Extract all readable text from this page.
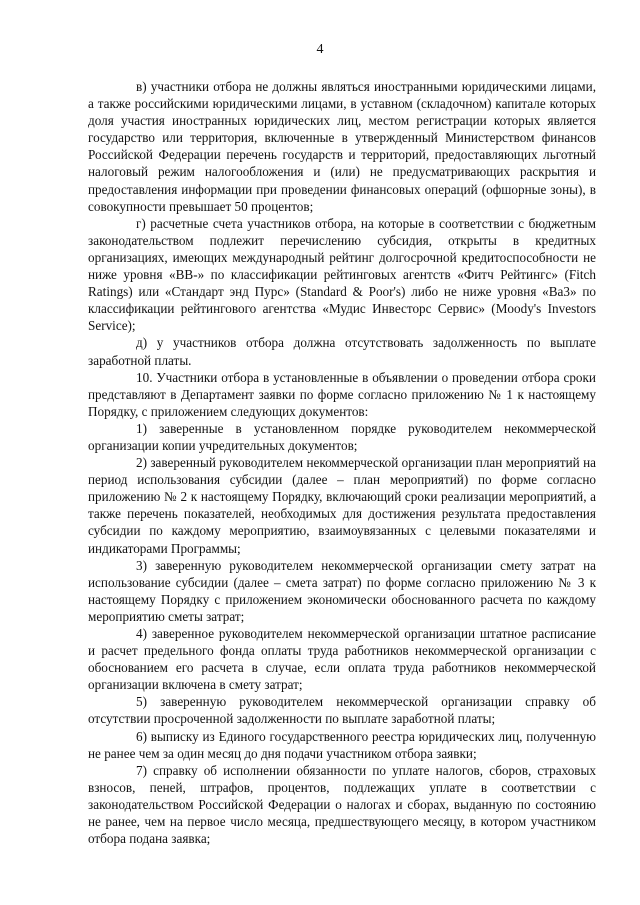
4

в) участники отбора не должны являться иностранными юридическими лицами, а также российскими юридическими лицами, в уставном (складочном) капитале которых доля участия иностранных юридических лиц, местом регистрации которых является государство или территория, включенные в утвержденный Министерством финансов Российской Федерации перечень государств и территорий, предоставляющих льготный налоговый режим налогообложения и (или) не предусматривающих раскрытия и предоставления информации при проведении финансовых операций (офшорные зоны), в совокупности превышает 50 процентов;

г) расчетные счета участников отбора, на которые в соответствии с бюджетным законодательством подлежит перечислению субсидия, открыты в кредитных организациях, имеющих международный рейтинг долгосрочной кредитоспособности не ниже уровня «BB-» по классификации рейтинговых агентств «Фитч Рейтингс» (Fitch Ratings) или «Стандарт энд Пурс» (Standard & Poor's) либо не ниже уровня «Ba3» по классификации рейтингового агентства «Мудис Инвесторс Сервис» (Moody's Investors Service);

д) у участников отбора должна отсутствовать задолженность по выплате заработной платы.

10. Участники отбора в установленные в объявлении о проведении отбора сроки представляют в Департамент заявки по форме согласно приложению № 1 к настоящему Порядку, с приложением следующих документов:

1) заверенные в установленном порядке руководителем некоммерческой организации копии учредительных документов;

2) заверенный руководителем некоммерческой организации план мероприятий на период использования субсидии (далее – план мероприятий) по форме согласно приложению № 2 к настоящему Порядку, включающий сроки реализации мероприятий, а также перечень показателей, необходимых для достижения результата предоставления субсидии по каждому мероприятию, взаимоувязанных с целевыми показателями и индикаторами Программы;

3) заверенную руководителем некоммерческой организации смету затрат на использование субсидии (далее – смета затрат) по форме согласно приложению № 3 к настоящему Порядку с приложением экономически обоснованного расчета по каждому мероприятию сметы затрат;

4) заверенное руководителем некоммерческой организации штатное расписание и расчет предельного фонда оплаты труда работников некоммерческой организации с обоснованием его расчета в случае, если оплата труда работников некоммерческой организации включена в смету затрат;

5) заверенную руководителем некоммерческой организации справку об отсутствии просроченной задолженности по выплате заработной платы;

6) выписку из Единого государственного реестра юридических лиц, полученную не ранее чем за один месяц до дня подачи участником отбора заявки;

7) справку об исполнении обязанности по уплате налогов, сборов, страховых взносов, пеней, штрафов, процентов, подлежащих уплате в соответствии с законодательством Российской Федерации о налогах и сборах, выданную по состоянию не ранее, чем на первое число месяца, предшествующего месяцу, в котором участником отбора подана заявка;
